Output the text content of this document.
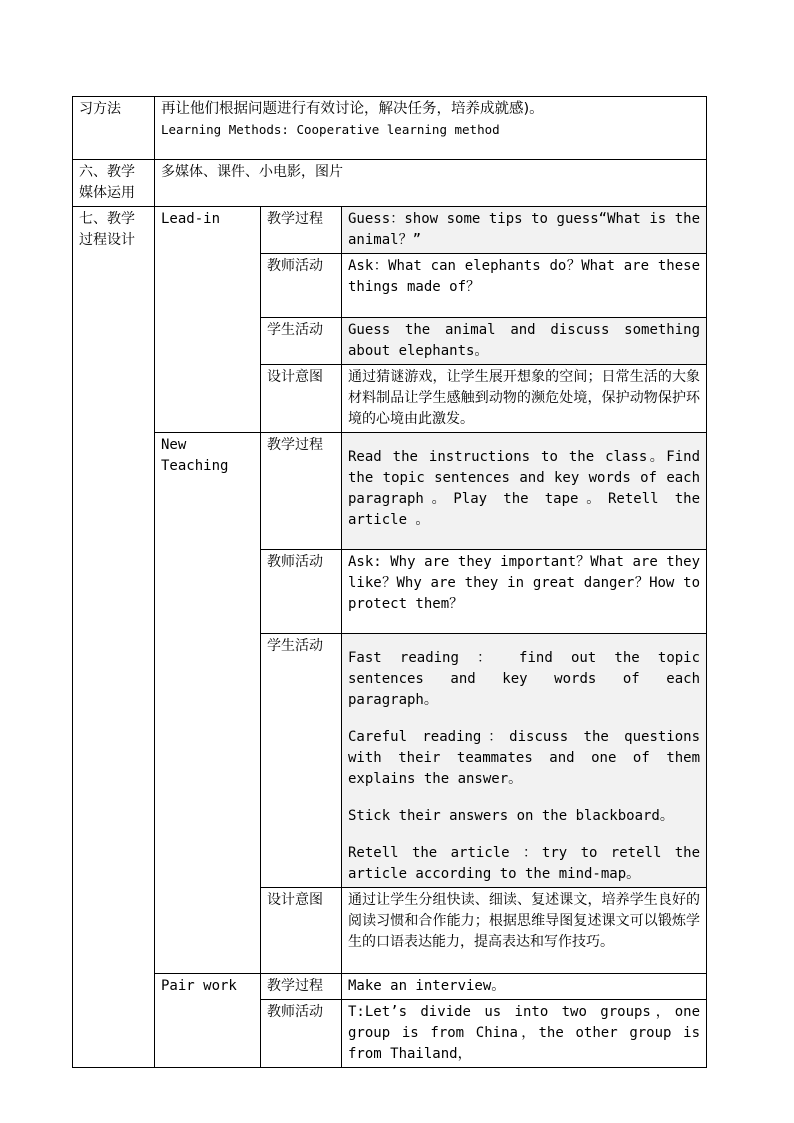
习方法	再让他们根据问题进行有效讨论，解决任务，培养成就感)。

Learning Methods: Cooperative learning method		

六、教学媒体运用	多媒体、课件、小电影，图片		
七、教学过程设计	Lead-in	教学过程	Guess：show some tips to guess“What is the animal？”
		教师活动	Ask：What can elephants do？What are these things made of？
		学生活动	Guess the animal and discuss something about elephants。
		设计意图	通过猜谜游戏，让学生展开想象的空间；日常生活的大象材料制品让学生感触到动物的濒危处境，保护动物保护环境的心境由此激发。
	New Teaching	教学过程	Read the instructions to the class。Find the topic sentences and key words of each paragraph。Play the tape。Retell the article 。
		教师活动	Ask: Why are they important？What are they like？Why are they in great danger？How to protect them？
		学生活动	Fast reading ： find out the topic sentences and key words of each paragraph。

Careful reading：discuss the questions with their teammates and one of them explains the answer。

Stick their answers on the blackboard。

Retell the article ：try to retell the article according to the mind-map。

		设计意图	通过让学生分组快读、细读、复述课文，培养学生良好的阅读习惯和合作能力；根据思维导图复述课文可以锻炼学生的口语表达能力，提高表达和写作技巧。
	Pair work	教学过程	Make an interview。
		教师活动	T:Let’s divide us into two groups，one group is from China，the other group is from Thailand，
